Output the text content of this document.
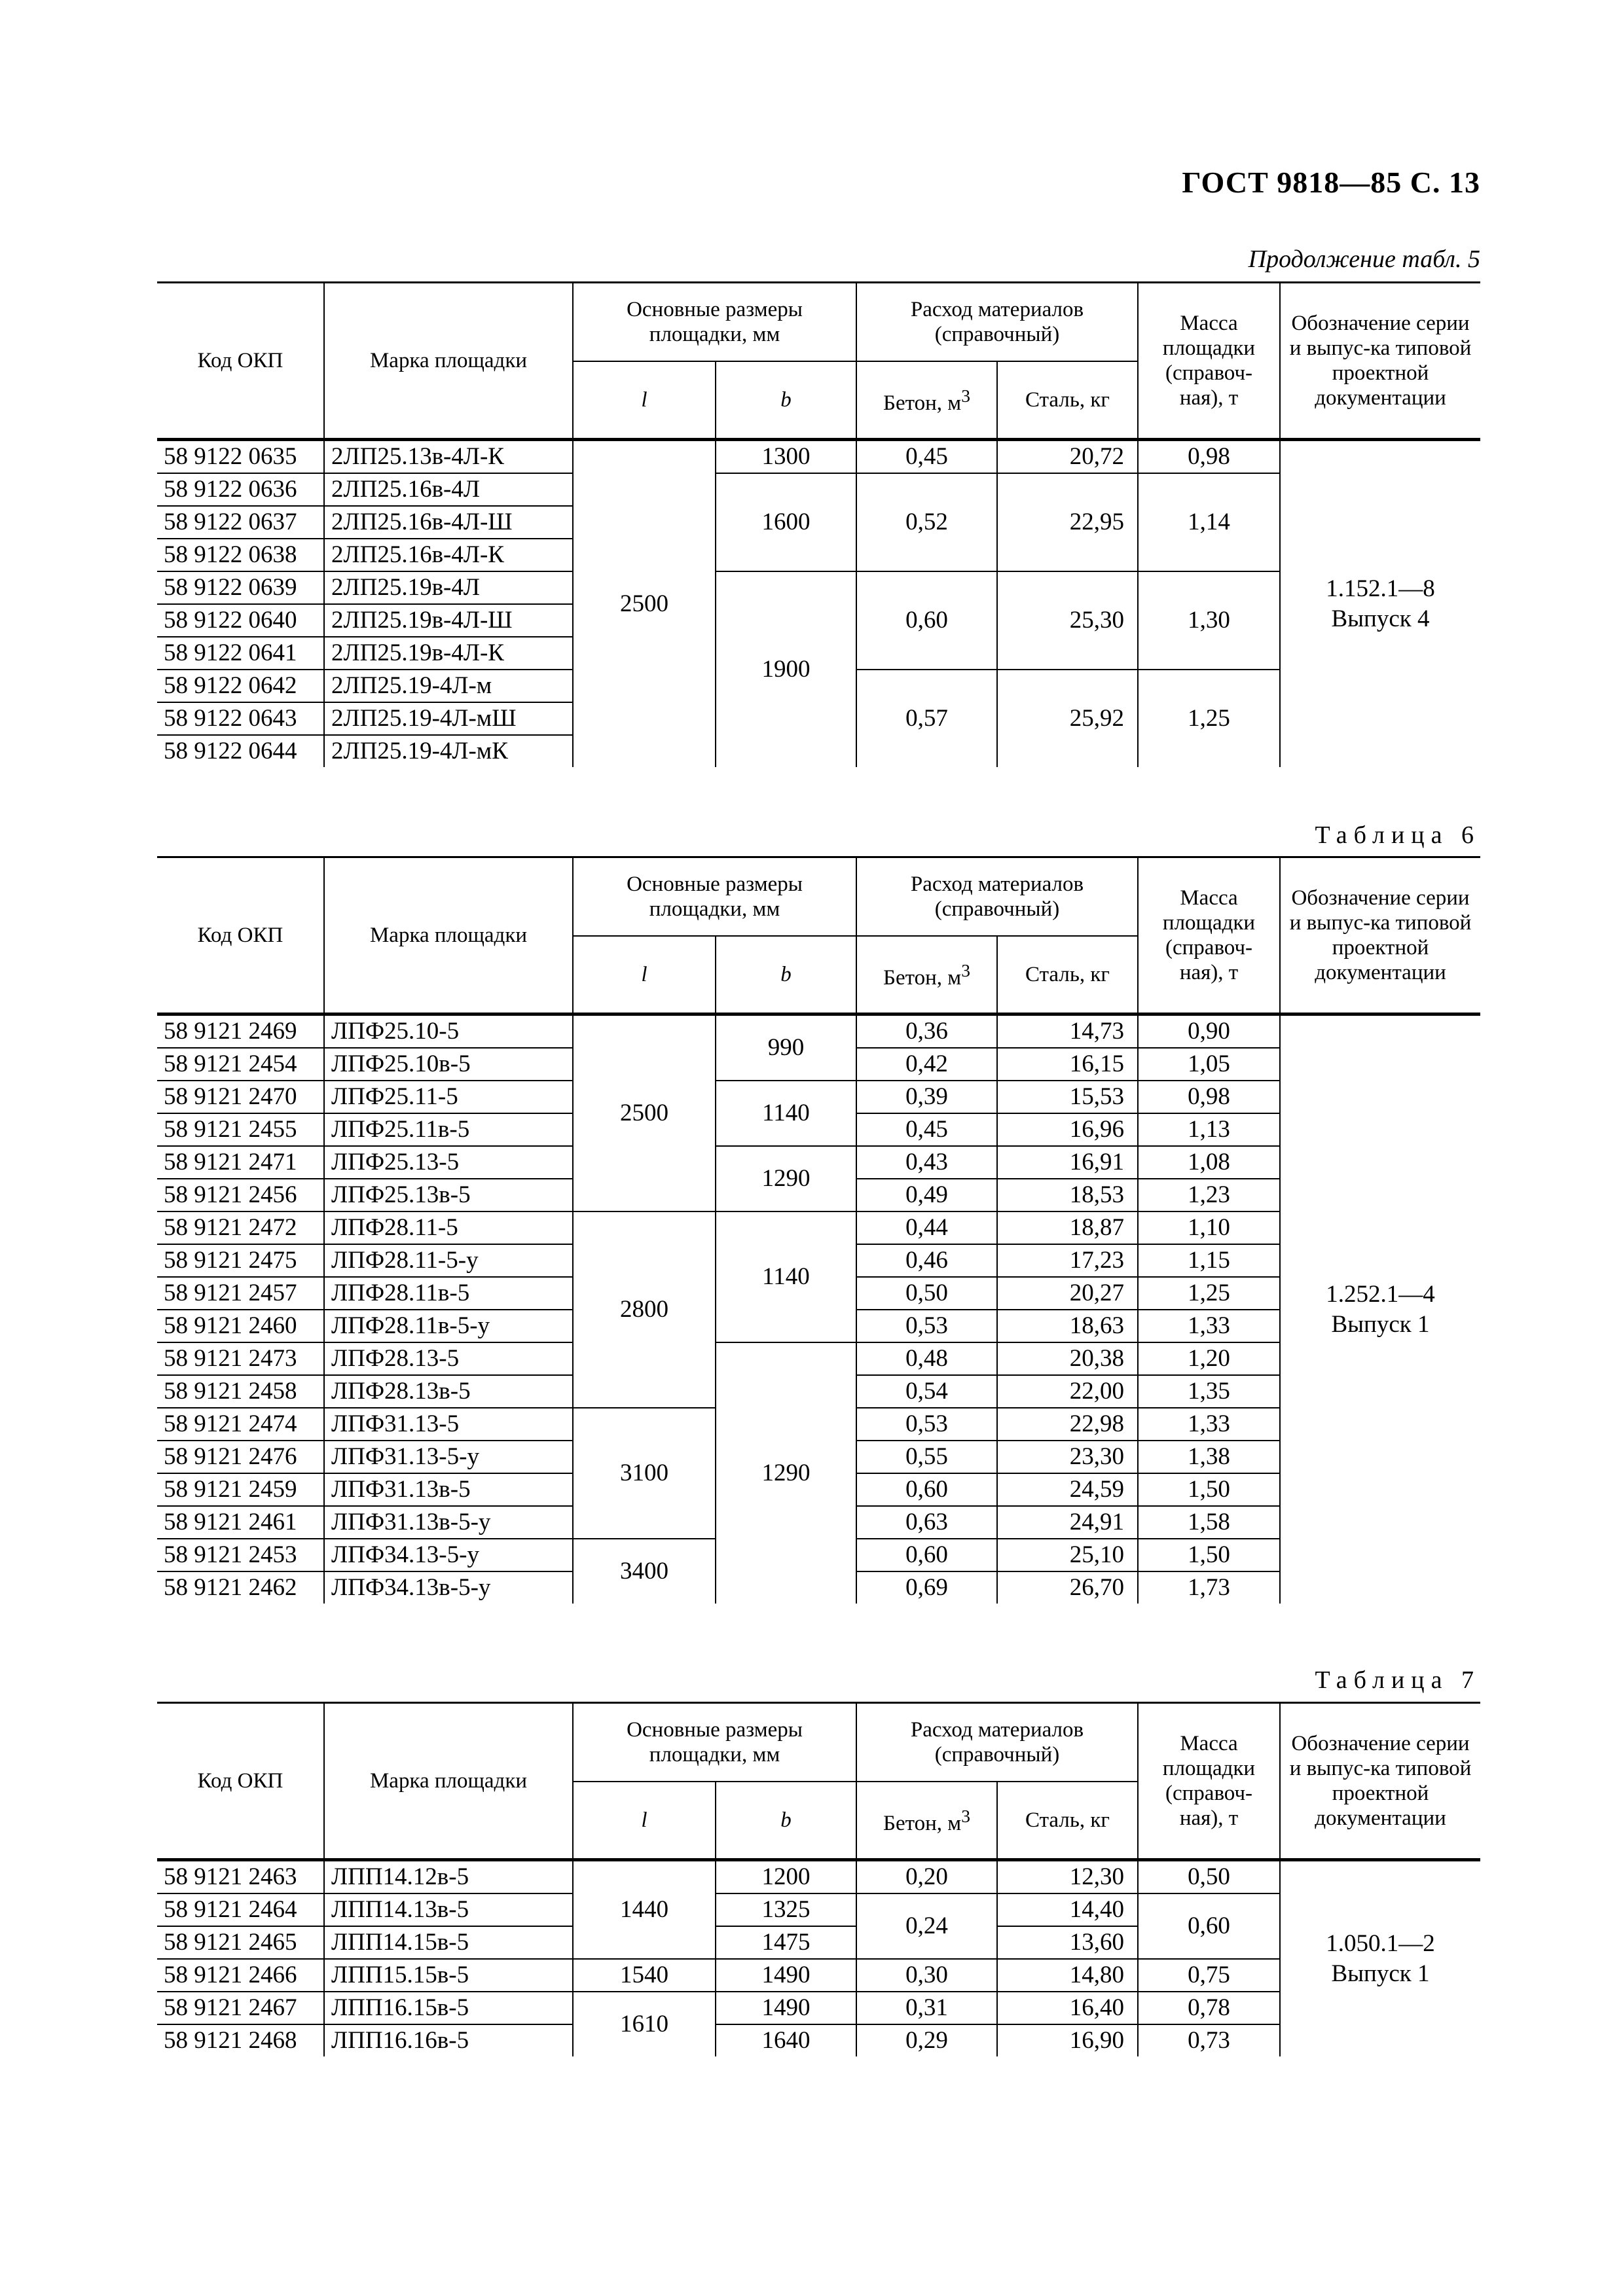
ГОСТ 9818—85 С. 13
Продолжение табл. 5
Код ОКП	Марка площадки	Основные размеры площадки, мм		Расход материалов (справочный)		Масса площадки (справоч-ная), т	Обозначение серии и выпус-ка типовой проектной документации
		l	b	Бетон, $м^3$	Сталь, кг		
58 9122 0635	2ЛП25.13в-4Л-К	2500	1300	0,45	20,72	0,98	1.152.1—8 Выпуск 4
58 9122 0636	2ЛП25.16в-4Л		1600	0,52	22,95	1,14	
58 9122 0637	2ЛП25.16в-4Л-Ш						
58 9122 0638	2ЛП25.16в-4Л-К						
58 9122 0639	2ЛП25.19в-4Л		1900	0,60	25,30	1,30	
58 9122 0640	2ЛП25.19в-4Л-Ш						
58 9122 0641	2ЛП25.19в-4Л-К						
58 9122 0642	2ЛП25.19-4Л-м			0,57	25,92	1,25	
58 9122 0643	2ЛП25.19-4Л-мШ						
58 9122 0644	2ЛП25.19-4Л-мК						
Таблица 6
Код ОКП	Марка площадки	Основные размеры площадки, мм		Расход материалов (справочный)		Масса площадки (справоч-ная), т	Обозначение серии и выпус-ка типовой проектной документации
		l	b	Бетон, $м^3$	Сталь, кг		
58 9121 2469	ЛПФ25.10-5	2500	990	0,36	14,73	0,90	1.252.1—4 Выпуск 1
58 9121 2454	ЛПФ25.10в-5			0,42	16,15	1,05	
58 9121 2470	ЛПФ25.11-5		1140	0,39	15,53	0,98	
58 9121 2455	ЛПФ25.11в-5			0,45	16,96	1,13	
58 9121 2471	ЛПФ25.13-5		1290	0,43	16,91	1,08	
58 9121 2456	ЛПФ25.13в-5			0,49	18,53	1,23	
58 9121 2472	ЛПФ28.11-5	2800	1140	0,44	18,87	1,10	
58 9121 2475	ЛПФ28.11-5-у			0,46	17,23	1,15	
58 9121 2457	ЛПФ28.11в-5			0,50	20,27	1,25	
58 9121 2460	ЛПФ28.11в-5-у			0,53	18,63	1,33	
58 9121 2473	ЛПФ28.13-5		1290	0,48	20,38	1,20	
58 9121 2458	ЛПФ28.13в-5			0,54	22,00	1,35	
58 9121 2474	ЛПФ31.13-5	3100		0,53	22,98	1,33	
58 9121 2476	ЛПФ31.13-5-у			0,55	23,30	1,38	
58 9121 2459	ЛПФ31.13в-5			0,60	24,59	1,50	
58 9121 2461	ЛПФ31.13в-5-у			0,63	24,91	1,58	
58 9121 2453	ЛПФ34.13-5-у	3400		0,60	25,10	1,50	
58 9121 2462	ЛПФ34.13в-5-у			0,69	26,70	1,73	
Таблица 7
Код ОКП	Марка площадки	Основные размеры площадки, мм		Расход материалов (справочный)		Масса площадки (справоч-ная), т	Обозначение серии и выпус-ка типовой проектной документации
		l	b	Бетон, $м^3$	Сталь, кг		
58 9121 2463	ЛПП14.12в-5	1440	1200	0,20	12,30	0,50	1.050.1—2 Выпуск 1
58 9121 2464	ЛПП14.13в-5		1325	0,24	14,40	0,60	
58 9121 2465	ЛПП14.15в-5		1475		13,60		
58 9121 2466	ЛПП15.15в-5	1540	1490	0,30	14,80	0,75	
58 9121 2467	ЛПП16.15в-5	1610	1490	0,31	16,40	0,78	
58 9121 2468	ЛПП16.16в-5		1640	0,29	16,90	0,73	
